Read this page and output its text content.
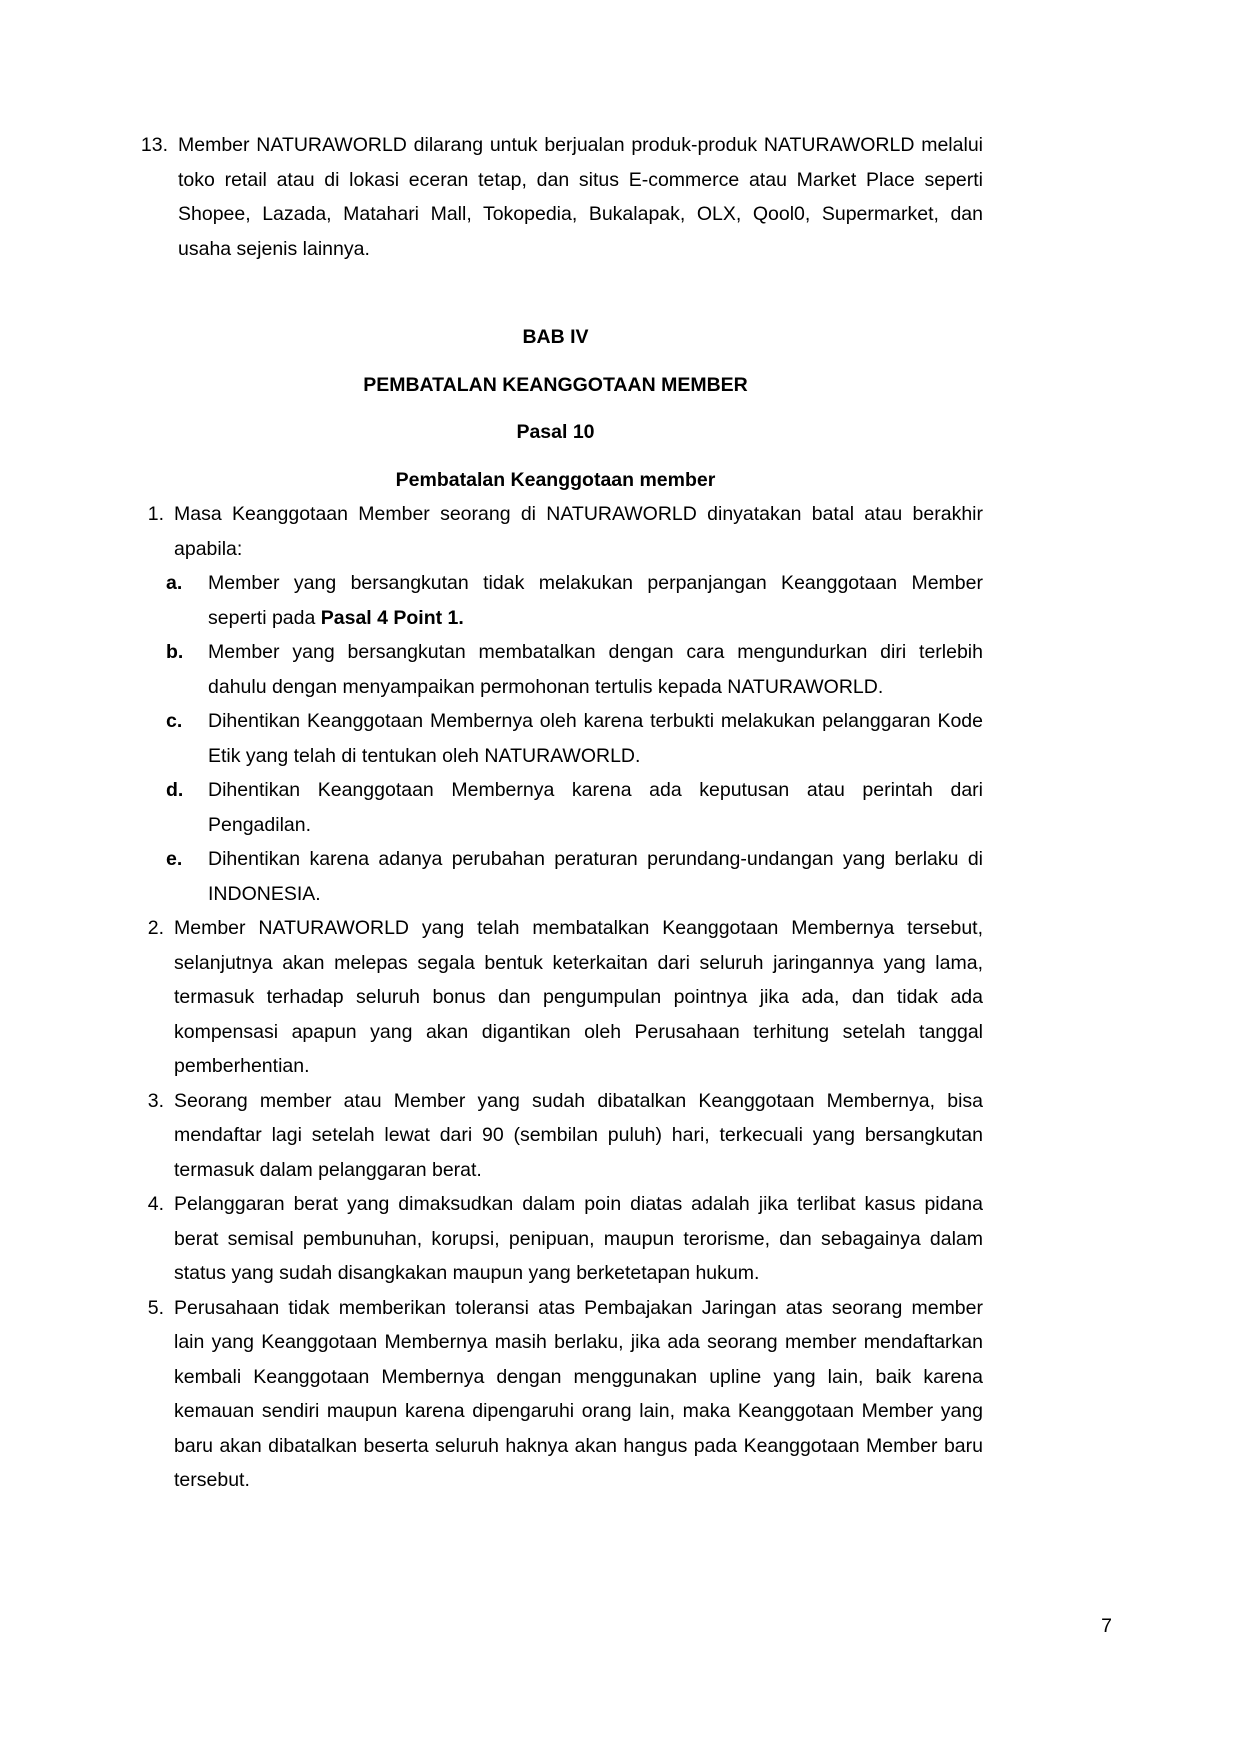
13. Member NATURAWORLD dilarang untuk berjualan produk-produk NATURAWORLD melalui toko retail atau di lokasi eceran tetap, dan situs E-commerce atau Market Place seperti Shopee, Lazada, Matahari Mall, Tokopedia, Bukalapak, OLX, Qool0, Supermarket, dan usaha sejenis lainnya.
BAB IV
PEMBATALAN KEANGGOTAAN MEMBER
Pasal 10
Pembatalan Keanggotaan member
1. Masa Keanggotaan Member seorang di NATURAWORLD dinyatakan batal atau berakhir apabila:
a.	Member yang bersangkutan tidak melakukan perpanjangan Keanggotaan Member seperti pada Pasal 4 Point 1.
b.	Member yang bersangkutan membatalkan dengan cara mengundurkan diri terlebih dahulu dengan menyampaikan permohonan tertulis kepada NATURAWORLD.
c.	Dihentikan Keanggotaan Membernya oleh karena terbukti melakukan pelanggaran Kode Etik yang telah di tentukan oleh NATURAWORLD.
d.	Dihentikan Keanggotaan Membernya karena ada keputusan atau perintah dari Pengadilan.
e.	Dihentikan karena adanya perubahan peraturan perundang-undangan yang berlaku di INDONESIA.
2. Member NATURAWORLD yang telah membatalkan Keanggotaan Membernya tersebut, selanjutnya akan melepas segala bentuk keterkaitan dari seluruh jaringannya yang lama, termasuk terhadap seluruh bonus dan pengumpulan pointnya jika ada, dan tidak ada kompensasi apapun yang akan digantikan oleh Perusahaan terhitung setelah tanggal pemberhentian.
3. Seorang member atau Member yang sudah dibatalkan Keanggotaan Membernya, bisa mendaftar lagi setelah lewat dari 90 (sembilan puluh) hari, terkecuali yang bersangkutan termasuk dalam pelanggaran berat.
4. Pelanggaran berat yang dimaksudkan dalam poin diatas adalah jika terlibat kasus pidana berat semisal pembunuhan, korupsi, penipuan, maupun terorisme, dan sebagainya dalam status yang sudah disangkakan maupun yang berketetapan hukum.
5. Perusahaan tidak memberikan toleransi atas Pembajakan Jaringan atas seorang member lain yang Keanggotaan Membernya masih berlaku, jika ada seorang member mendaftarkan kembali Keanggotaan Membernya dengan menggunakan upline yang lain, baik karena kemauan sendiri maupun karena dipengaruhi orang lain, maka Keanggotaan Member yang baru akan dibatalkan beserta seluruh haknya akan hangus pada Keanggotaan Member baru tersebut.
7
